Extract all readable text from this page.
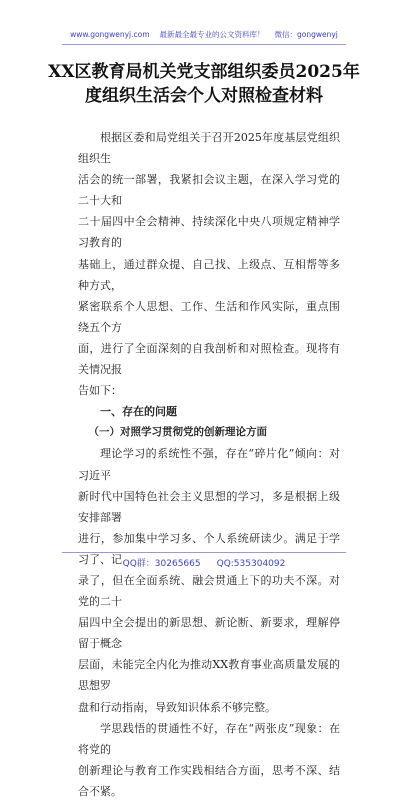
www.gongwenyj.com 最新最全最专业的公文资料库！ 微信：gongwenyj
XX区教育局机关党支部组织委员2025年
度组织生活会个人对照检查材料
根据区委和局党组关于召开2025年度基层党组织组织生
活会的统一部署，我紧扣会议主题，在深入学习党的二十大和
二十届四中全会精神、持续深化中央八项规定精神学习教育的
基础上，通过群众提、自己找、上级点、互相帮等多种方式，
紧密联系个人思想、工作、生活和作风实际，重点围绕五个方
面，进行了全面深刻的自我剖析和对照检查。现将有关情况报
告如下：

一、存在的问题

（一）对照学习贯彻党的创新理论方面

理论学习的系统性不强，存在“碎片化”倾向：对习近平
新时代中国特色社会主义思想的学习，多是根据上级安排部署
进行，参加集中学习多、个人系统研读少。满足于学习了、记
录了，但在全面系统、融会贯通上下的功夫不深。对党的二十
届四中全会提出的新思想、新论断、新要求，理解停留于概念
层面，未能完全内化为推动XX教育事业高质量发展的思想罗
盘和行动指南，导致知识体系不够完整。
学思践悟的贯通性不好，存在“两张皮”现象：在将党的
创新理论与教育工作实践相结合方面，思考不深、结合不紧。
QQ群：30265665 QQ:535304092
